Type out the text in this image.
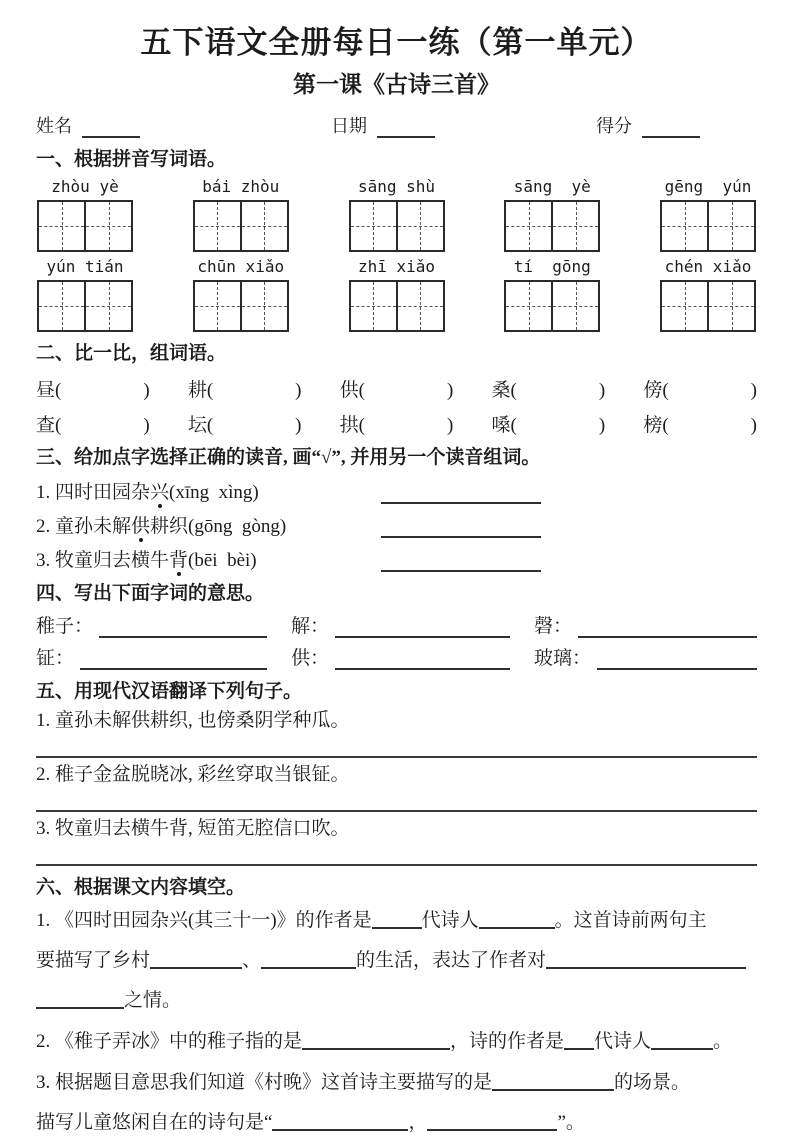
五下语文全册每日一练（第一单元）
第一课《古诗三首》
姓名	日期	得分
一、根据拼音写词语。
zhòu yè	bái zhòu	sāng shù	sāng  yè	gēng  yún
yún tián	chūn xiǎo	zhī xiǎo	tí  gōng	chén xiǎo
二、比一比，组词语。
昼(	) 耕(	) 供(	) 桑(	) 傍(	)
查(	) 坛(	) 拱(	) 嗓(	) 榜(	)
三、给加点字选择正确的读音, 画“√”, 并用另一个读音组词。
1. 四时田园杂兴(xīng  xìng)
2. 童孙未解供耕织(gōng  gòng)
3. 牧童归去横牛背(bēi  bèi)
四、写出下面字词的意思。
稚子：	解：	磬：
钲：	供：	玻璃：
五、用现代汉语翻译下列句子。
1. 童孙未解供耕织, 也傍桑阴学种瓜。
2. 稚子金盆脱晓冰, 彩丝穿取当银钲。
3. 牧童归去横牛背, 短笛无腔信口吹。
六、根据课文内容填空。
1. 《四时田园杂兴(其三十一)》的作者是	代诗人	。这首诗前两句主
要描写了乡村	、	的生活，表达了作者对
之情。
2. 《稚子弄冰》中的稚子指的是	，诗的作者是 代诗人	。
3. 根据题目意思我们知道《村晚》这首诗主要描写的是	的场景。
描写儿童悠闲自在的诗句是“	，	”。
